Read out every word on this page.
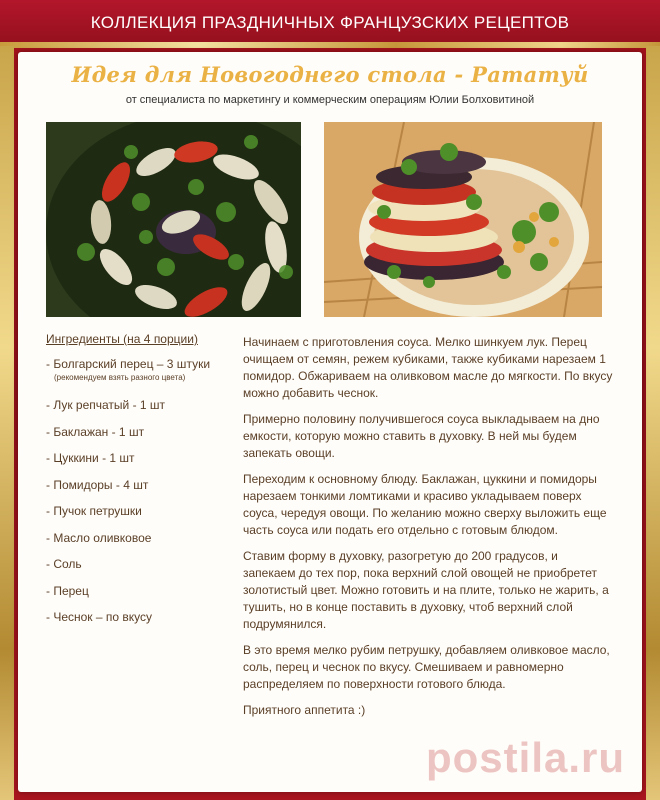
КОЛЛЕКЦИЯ ПРАЗДНИЧНЫХ ФРАНЦУЗСКИХ РЕЦЕПТОВ
Идея для Новогоднего стола - Рататуй
от специалиста по маркетингу и коммерческим операциям Юлии Болховитиной
Ингредиенты (на 4 порции)
- Болгарский перец – 3 штуки
(рекомендуем взять разного цвета)
- Лук репчатый - 1 шт
- Баклажан - 1 шт
- Цуккини - 1 шт
- Помидоры - 4 шт
- Пучок петрушки
- Масло оливковое
- Соль
- Перец
- Чеснок – по вкусу

Начинаем с приготовления соуса. Мелко шинкуем лук. Перец очищаем от семян, режем кубиками, также кубиками нарезаем 1 помидор. Обжариваем на оливковом масле до мягкости. По вкусу можно добавить чеснок.

Примерно половину получившегося соуса выкладываем на дно емкости, которую можно ставить в духовку. В ней мы будем запекать овощи.

Переходим к основному блюду. Баклажан, цуккини и помидоры нарезаем тонкими ломтиками и красиво укладываем поверх соуса, чередуя овощи. По желанию можно сверху выложить еще часть соуса или подать его отдельно с готовым блюдом.

Ставим форму в духовку, разогретую до 200 градусов, и запекаем до тех пор, пока верхний слой овощей не приобретет золотистый цвет. Можно готовить и на плите, только не жарить, а тушить, но в конце поставить в духовку, чтоб верхний слой подрумянился.

В это время мелко рубим петрушку, добавляем оливковое масло, соль, перец и чеснок по вкусу. Смешиваем и равномерно распределяем по поверхности готового блюда.

Приятного аппетита :)

postila.ru
